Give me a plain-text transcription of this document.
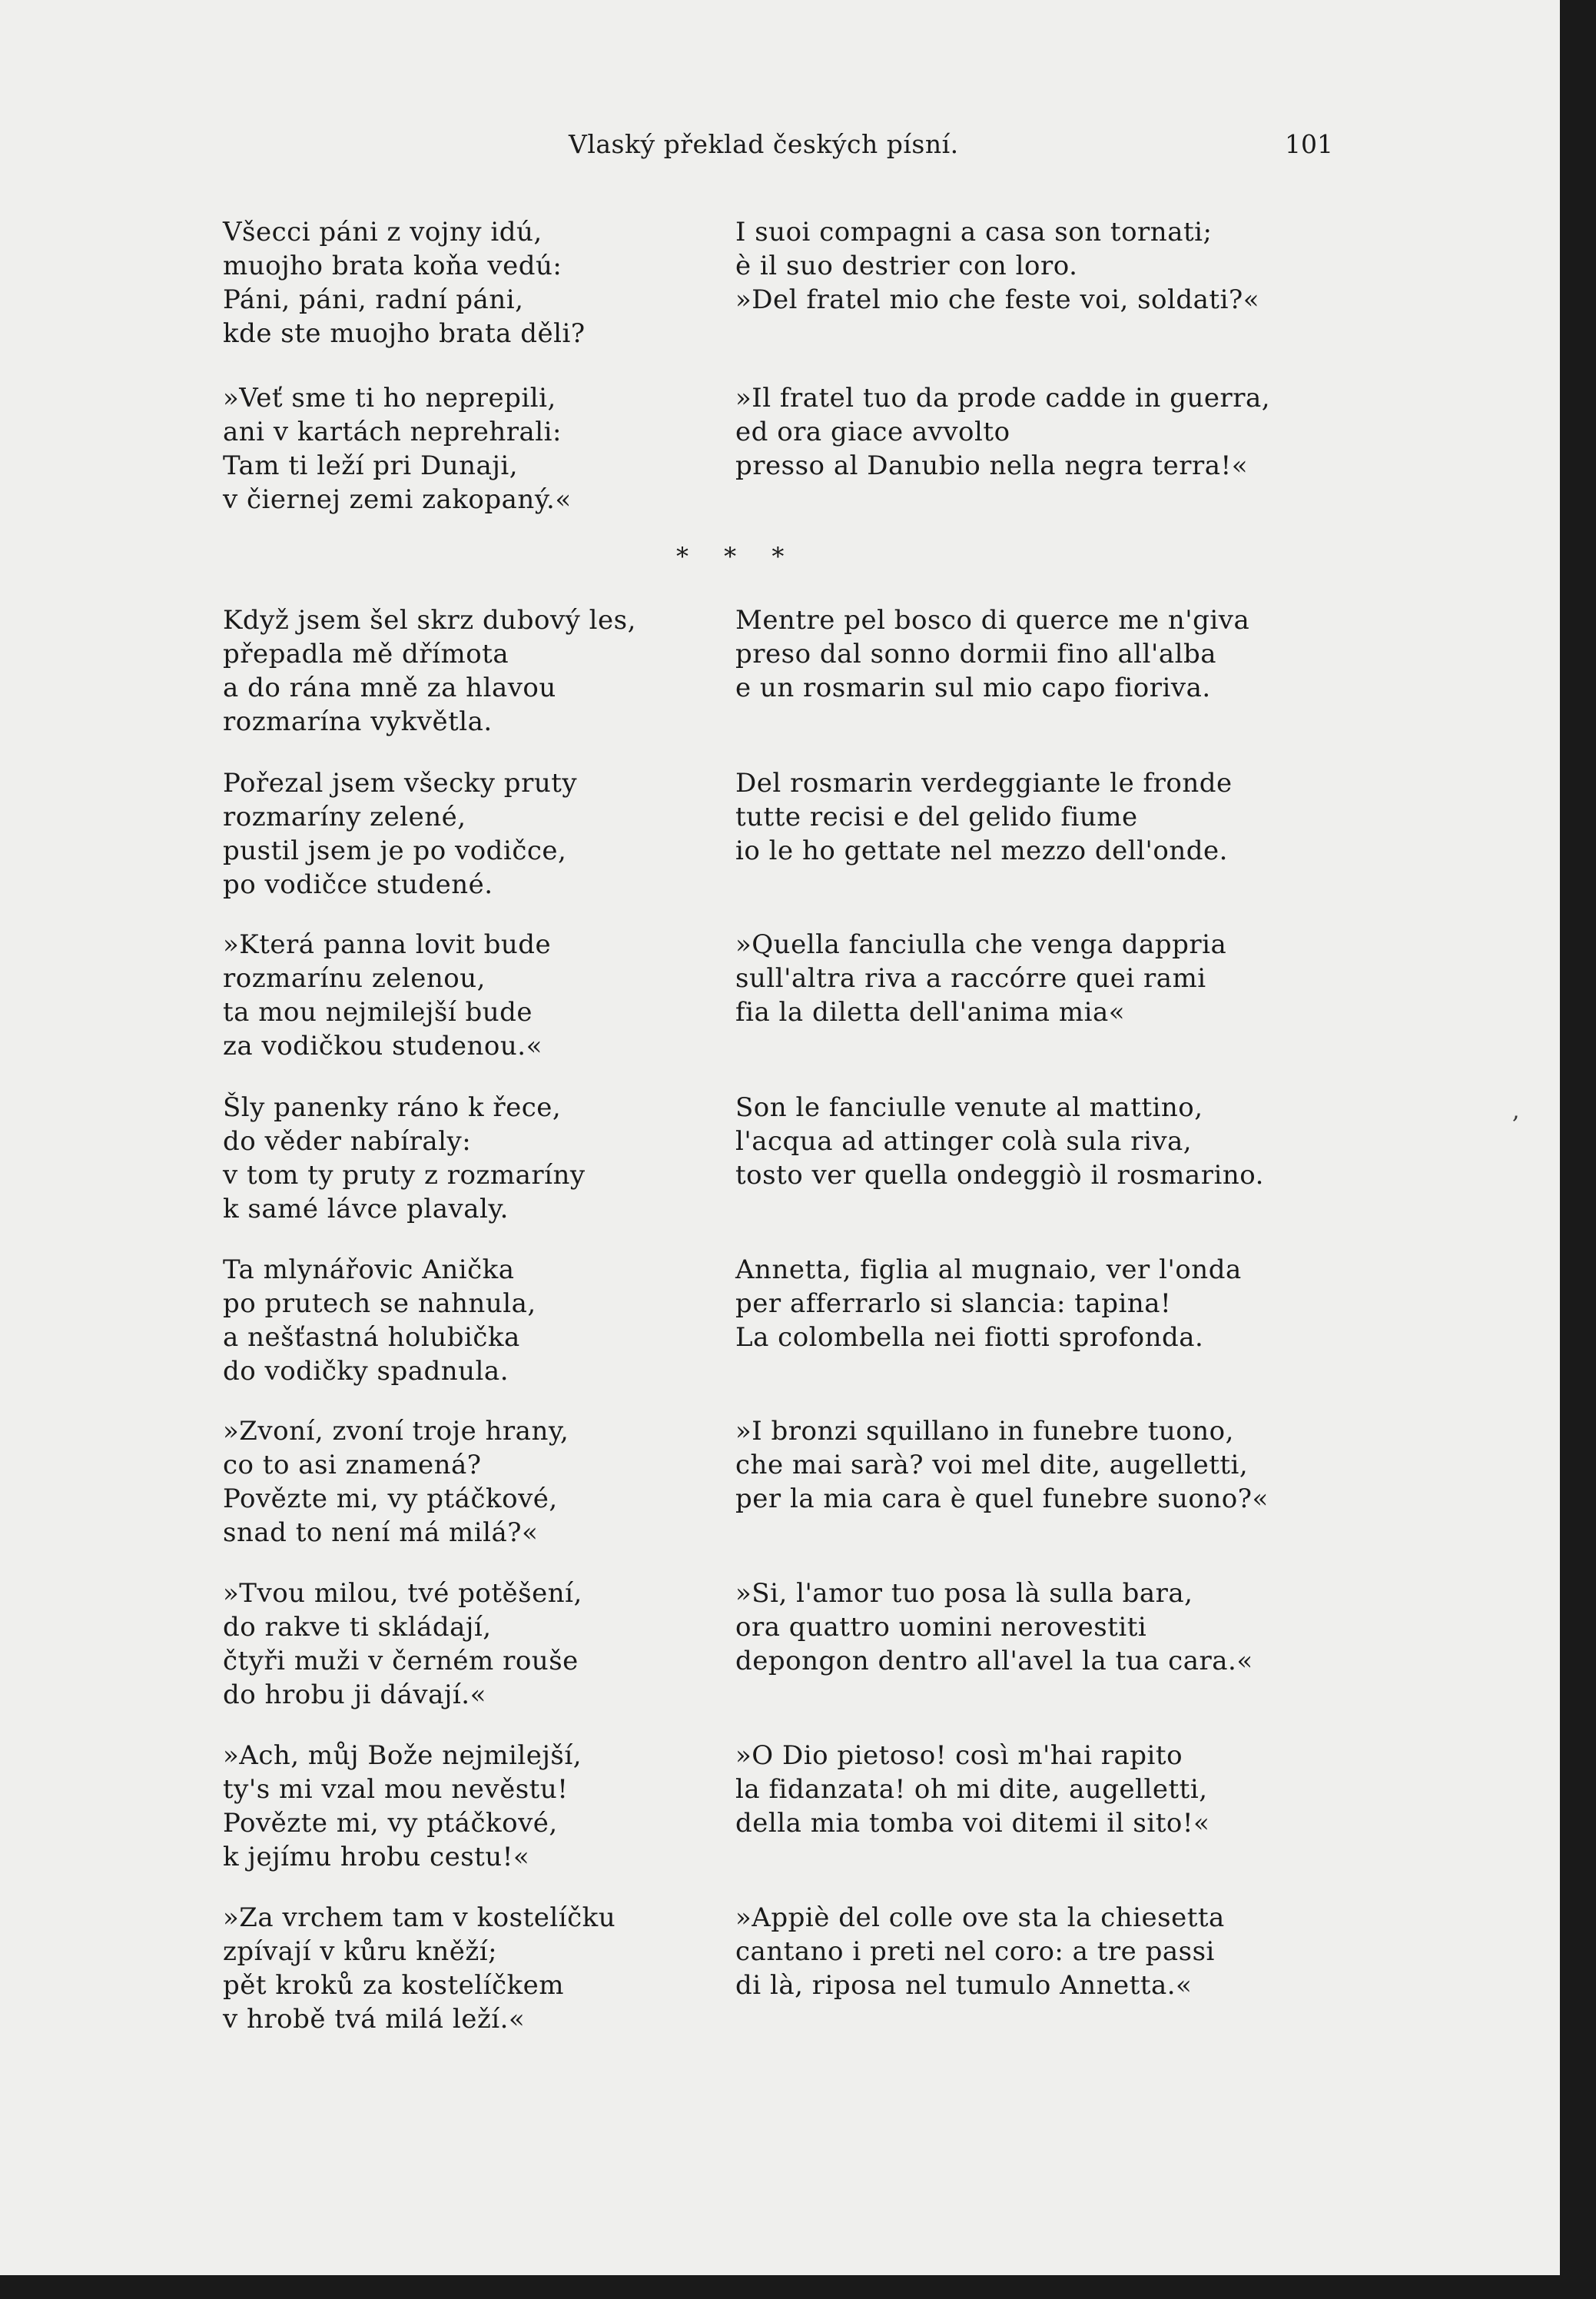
Vlaský překlad českých písní.	101
Všecci páni z vojny idú,
muojho brata koňa vedú:
Páni, páni, radní páni,
kde ste muojho brata děli?
»Veť sme ti ho neprepili,
ani v kartách neprehrali:
Tam ti leží pri Dunaji,
v čiernej zemi zakopaný.«
Když jsem šel skrz dubový les,
přepadla mě dřímota
a do rána mně za hlavou
rozmarína vykvětla.
Pořezal jsem všecky pruty
rozmaríny zelené,
pustil jsem je po vodičce,
po vodičce studené.
»Která panna lovit bude
rozmarínu zelenou,
ta mou nejmilejší bude
za vodičkou studenou.«
Šly panenky ráno k řece,
do věder nabíraly:
v tom ty pruty z rozmaríny
k samé lávce plavaly.
Ta mlynářovic Anička
po prutech se nahnula,
a nešťastná holubička
do vodičky spadnula.
»Zvoní, zvoní troje hrany,
co to asi znamená?
Povězte mi, vy ptáčkové,
snad to není má milá?«
»Tvou milou, tvé potěšení,
do rakve ti skládají,
čtyři muži v černém rouše
do hrobu ji dávají.«
»Ach, můj Bože nejmilejší,
ty's mi vzal mou nevěstu!
Povězte mi, vy ptáčkové,
k jejímu hrobu cestu!«
»Za vrchem tam v kostelíčku
zpívají v kůru kněží;
pět kroků za kostelíčkem
v hrobě tvá milá leží.«
I suoi compagni a casa son tornati;
è il suo destrier con loro.
»Del fratel mio che feste voi, soldati?«
»Il fratel tuo da prode cadde in guerra,
ed ora giace avvolto
presso al Danubio nella negra terra!«
Mentre pel bosco di querce me n'giva
preso dal sonno dormii fino all'alba
e un rosmarin sul mio capo fioriva.
Del rosmarin verdeggiante le fronde
tutte recisi e del gelido fiume
io le ho gettate nel mezzo dell'onde.
»Quella fanciulla che venga dappria
sull'altra riva a raccórre quei rami
fia la diletta dell'anima mia«
Son le fanciulle venute al mattino,
l'acqua ad attinger colà sula riva,
tosto ver quella ondeggiò il rosmarino.
Annetta, figlia al mugnaio, ver l'onda
per afferrarlo si slancia: tapina!
La colombella nei fiotti sprofonda.
»I bronzi squillano in funebre tuono,
che mai sarà? voi mel dite, augelletti,
per la mia cara è quel funebre suono?«
»Si, l'amor tuo posa là sulla bara,
ora quattro uomini nerovestiti
depongon dentro all'avel la tua cara.«
»O Dio pietoso! così m'hai rapito
la fidanzata! oh mi dite, augelletti,
della mia tomba voi ditemi il sito!«
»Appiè del colle ove sta la chiesetta
cantano i preti nel coro: a tre passi
di là, riposa nel tumulo Annetta.«
* * *
,
